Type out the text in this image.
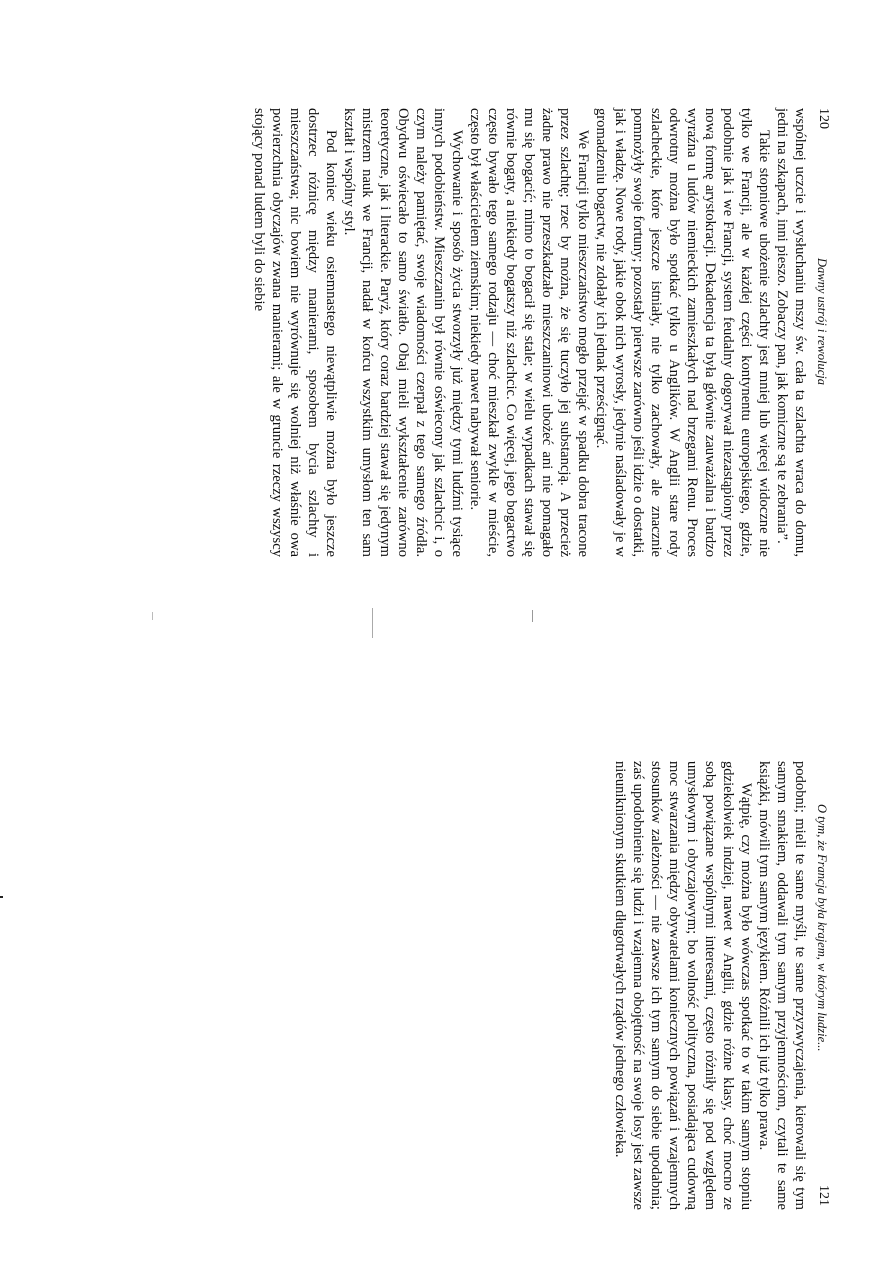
120
Dawny ustrój i rewolucja

wspólnej uczcie i wysłuchaniu mszy św. cała ta szlachta wraca do domu, jedni na szkapach, inni pieszo. Zobaczy pan, jak komiczne są te zebrania”.

Takie stopniowe ubożenie szlachty jest mniej lub więcej widoczne nie tylko we Francji, ale w każdej części kontynentu europejskiego, gdzie, podobnie jak i we Francji, system feudalny dogorywał niezastąpiony przez nową formę arystokracji. Dekadencja ta była głównie zauważalna i bardzo wyraźna u ludów niemieckich zamieszkałych nad brzegami Renu. Proces odwrotny można było spotkać tylko u Anglików. W Anglii stare rody szlacheckie, które jeszcze istniały, nie tylko zachowały, ale znacznie pomnożyły swoje fortuny; pozostały pierwsze zarówno jeśli idzie o dostatki, jak i władzę. Nowe rody, jakie obok nich wyrosły, jedynie naśladowały je w gromadzeniu bogactw, nie zdołały ich jednak prześcignąć.

We Francji tylko mieszczaństwo mogło przejąć w spadku dobra tracone przez szlachtę; rzec by można, że się tuczyło jej substancją. A przecież żadne prawo nie przeszkadzało mieszczaninowi ubożeć ani nie pomagało mu się bogacić; mimo to bogacił się stale; w wielu wypadkach stawał się równie bogaty, a niekiedy bogatszy niż szlachcic. Co więcej, jego bogactwo często bywało tego samego rodzaju — choć mieszkał zwykle w mieście, często był właścicielem ziemskim; niekiedy nawet nabywał seniorie.

Wychowanie i sposób życia stworzyły już między tymi ludźmi tysiące innych podobieństw. Mieszczanin był równie oświecony jak szlachcic i, o czym należy pamiętać, swoje wiadomości czerpał z tego samego źródła. Obydwu oświecało to samo światło. Obaj mieli wykształcenie zarówno teoretyczne, jak i literackie. Paryż, który coraz bardziej stawał się jedynym mistrzem nauk we Francji, nadał w końcu wszystkim umysłom ten sam kształt i wspólny styl.

Pod koniec wieku osiemnastego niewątpliwie można było jeszcze dostrzec różnicę między manierami, sposobem bycia szlachty i mieszczaństwa; nic bowiem nie wyrównuje się wolniej niż właśnie owa powierzchnia obyczajów zwana manierami; ale w gruncie rzeczy wszyscy stojący ponad ludem byli do siebie

O tym, że Francja była krajem, w którym ludzie...
121

podobni; mieli te same myśli, te same przyzwyczajenia, kierowali się tym samym smakiem, oddawali tym samym przyjemnościom, czytali te same książki, mówili tym samym językiem. Różnili ich już tylko prawa.

Wątpię, czy można było wówczas spotkać to w takim samym stopniu gdziekolwiek indziej, nawet w Anglii, gdzie różne klasy, choć mocno ze sobą powiązane wspólnymi interesami, często różniły się pod względem umysłowym i obyczajowym; bo wolność polityczna, posiadająca cudowną moc stwarzania między obywatelami koniecznych powiązań i wzajemnych stosunków zależności — nie zawsze ich tym samym do siebie upodabnia; zaś upodobnienie się ludzi i wzajemna obojętność na swoje losy jest zawsze nieuniknionym skutkiem długotrwałych rządów jednego człowieka.
